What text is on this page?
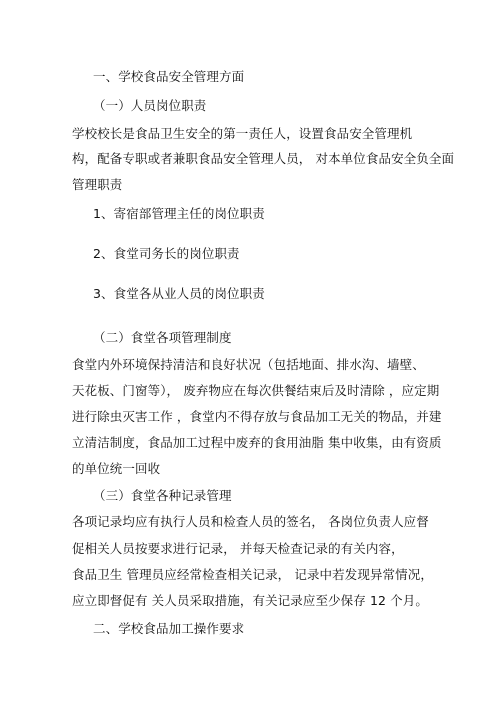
一、学校食品安全管理方面
（一）人员岗位职责
学校校长是食品卫生安全的第一责任人，设置食品安全管理机
构，配备专职或者兼职食品安全管理人员， 对本单位食品安全负全面
管理职责
1、寄宿部管理主任的岗位职责
2、食堂司务长的岗位职责
3、食堂各从业人员的岗位职责
（二）食堂各项管理制度
食堂内外环境保持清洁和良好状况（包括地面、排水沟、墙壁、
天花板、门窗等）， 废弃物应在每次供餐结束后及时清除 ，应定期
进行除虫灭害工作 ，食堂内不得存放与食品加工无关的物品，并建
立清洁制度，食品加工过程中废弃的食用油脂 集中收集，由有资质
的单位统一回收
（三）食堂各种记录管理
各项记录均应有执行人员和检查人员的签名， 各岗位负责人应督
促相关人员按要求进行记录， 并每天检查记录的有关内容，
食品卫生 管理员应经常检查相关记录， 记录中若发现异常情况，
应立即督促有 关人员采取措施，有关记录应至少保存 12 个月。
二、学校食品加工操作要求
